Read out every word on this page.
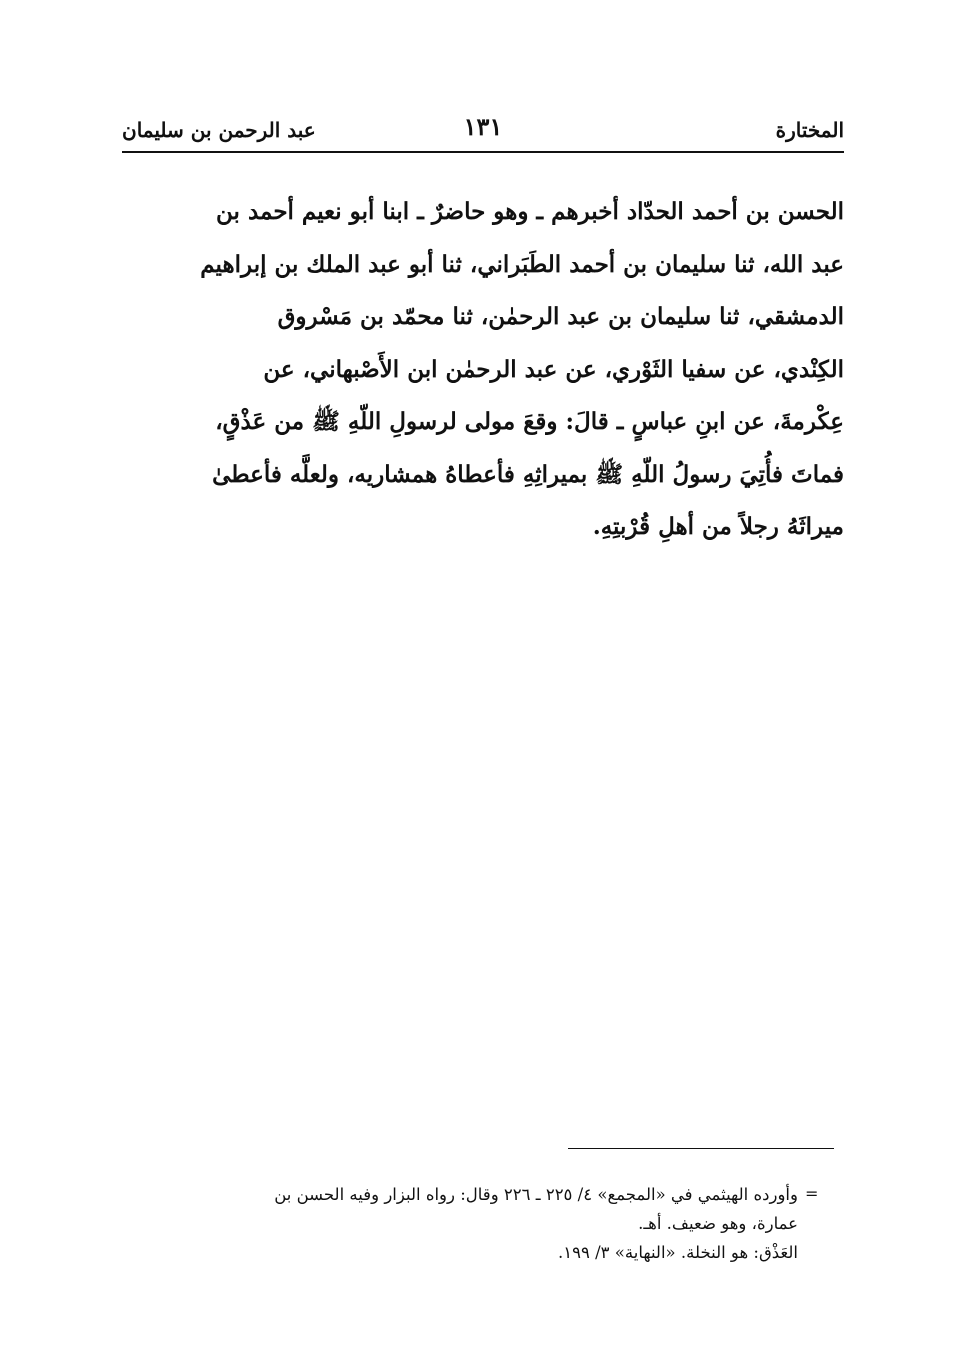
المختارة
١٣١
عبد الرحمن بن سليمان
الحسن بن أحمد الحدّاد أخبرهم ـ وهو حاضرٌ ـ ابنا أبو نعيم أحمد بن
عبد الله، ثنا سليمان بن أحمد الطَبَراني، ثنا أبو عبد الملك بن إبراهيم
الدمشقي، ثنا سليمان بن عبد الرحمٰن، ثنا محمّد بن مَسْروق
الكِنْدي، عن سفيا الثَوْري، عن عبد الرحمٰن ابن الأَصْبهاني، عن
عِكْرمةَ، عن ابنِ عباسٍ ـ قالَ: وقعَ مولى لرسولِ اللّهِ ﷺ من عَذْقٍ،
فماتَ فأُتِيَ رسولُ اللّهِ ﷺ بميراثِهِ فأعطاهُ همشاريه، ولعلَّه فأعطىٰ
ميراثَهُ رجلاً من أهلِ قُرْبتِهِ.
=
وأورده الهيثمي في «المجمع» ٤/ ٢٢٥ ـ ٢٢٦ وقال: رواه البزار وفيه الحسن بن
عمارة، وهو ضعيف. أهـ.
العَذْق: هو النخلة. «النهاية» ٣/ ١٩٩.
